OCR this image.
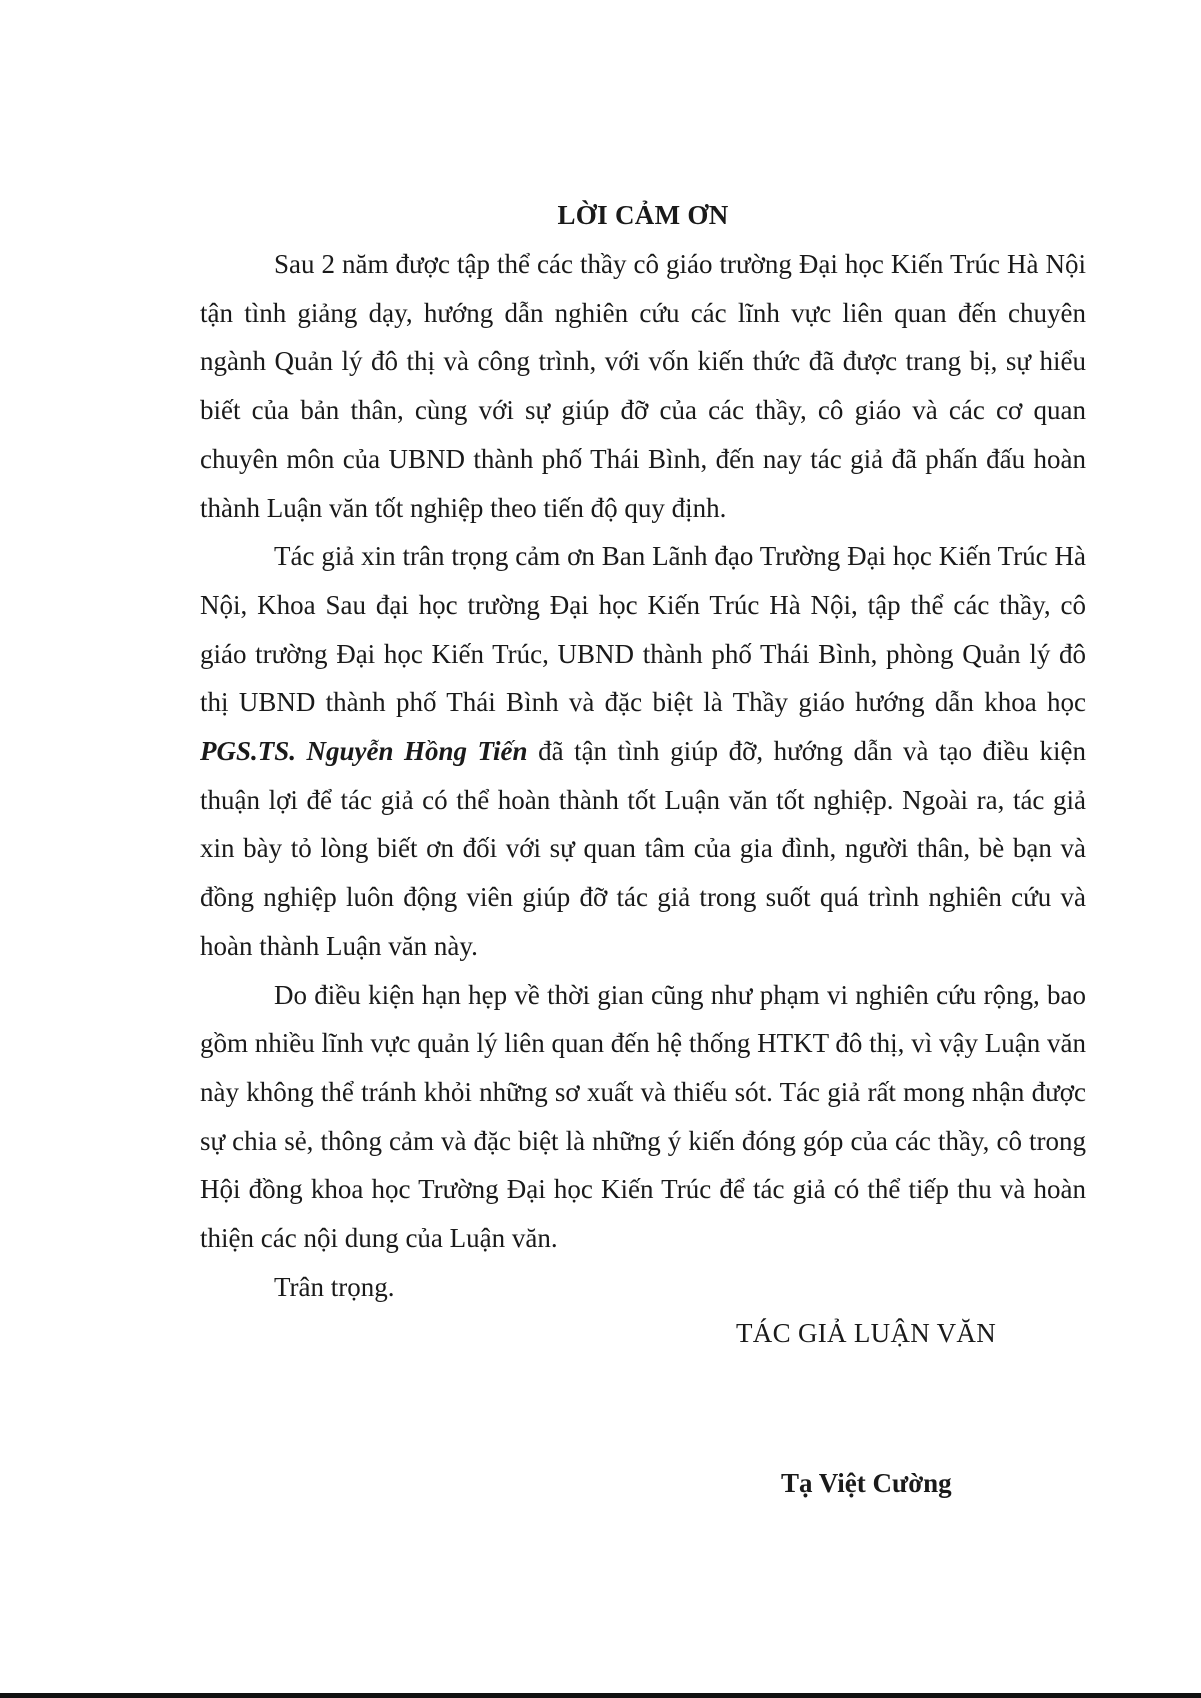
LỜI CẢM ƠN

Sau 2 năm được tập thể các thầy cô giáo trường Đại học Kiến Trúc Hà Nội tận tình giảng dạy, hướng dẫn nghiên cứu các lĩnh vực liên quan đến chuyên ngành Quản lý đô thị và công trình, với vốn kiến thức đã được trang bị, sự hiểu biết của bản thân, cùng với sự giúp đỡ của các thầy, cô giáo và các cơ quan chuyên môn của UBND thành phố Thái Bình, đến nay tác giả đã phấn đấu hoàn thành Luận văn tốt nghiệp theo tiến độ quy định.

Tác giả xin trân trọng cảm ơn Ban Lãnh đạo Trường Đại học Kiến Trúc Hà Nội, Khoa Sau đại học trường Đại học Kiến Trúc Hà Nội, tập thể các thầy, cô giáo trường Đại học Kiến Trúc, UBND thành phố Thái Bình, phòng Quản lý đô thị UBND thành phố Thái Bình và đặc biệt là Thầy giáo hướng dẫn khoa học PGS.TS. Nguyễn Hồng Tiến đã tận tình giúp đỡ, hướng dẫn và tạo điều kiện thuận lợi để tác giả có thể hoàn thành tốt Luận văn tốt nghiệp. Ngoài ra, tác giả xin bày tỏ lòng biết ơn đối với sự quan tâm của gia đình, người thân, bè bạn và đồng nghiệp luôn động viên giúp đỡ tác giả trong suốt quá trình nghiên cứu và hoàn thành Luận văn này.

Do điều kiện hạn hẹp về thời gian cũng như phạm vi nghiên cứu rộng, bao gồm nhiều lĩnh vực quản lý liên quan đến hệ thống HTKT đô thị, vì vậy Luận văn này không thể tránh khỏi những sơ xuất và thiếu sót. Tác giả rất mong nhận được sự chia sẻ, thông cảm và đặc biệt là những ý kiến đóng góp của các thầy, cô trong Hội đồng khoa học Trường Đại học Kiến Trúc để tác giả có thể tiếp thu và hoàn thiện các nội dung của Luận văn.

Trân trọng.

TÁC GIẢ LUẬN VĂN

Tạ Việt Cường
